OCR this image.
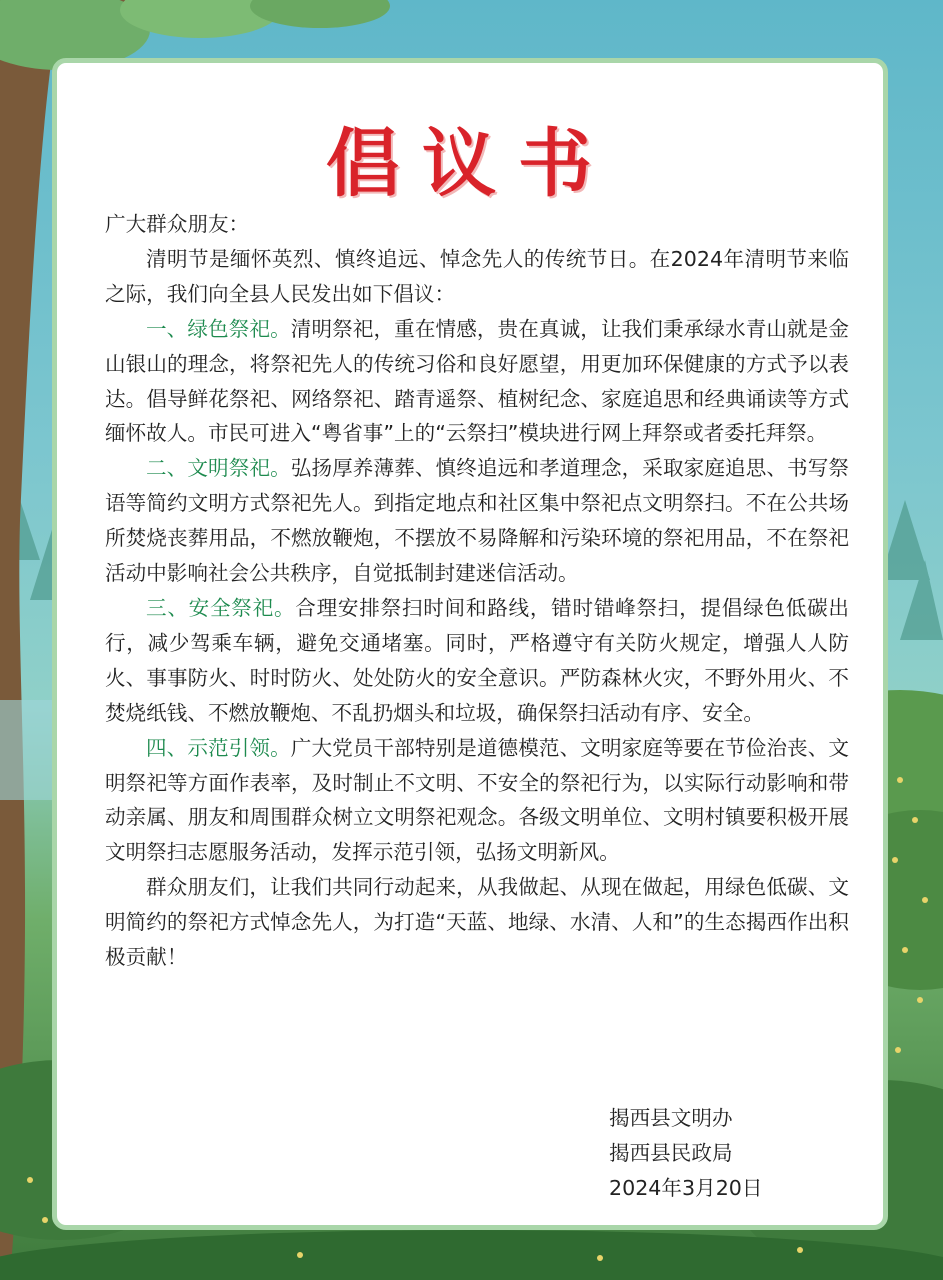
倡议书

广大群众朋友：

清明节是缅怀英烈、慎终追远、悼念先人的传统节日。在2024年清明节来临之际，我们向全县人民发出如下倡议：

一、绿色祭祀。清明祭祀，重在情感，贵在真诚，让我们秉承绿水青山就是金山银山的理念，将祭祀先人的传统习俗和良好愿望，用更加环保健康的方式予以表达。倡导鲜花祭祀、网络祭祀、踏青遥祭、植树纪念、家庭追思和经典诵读等方式缅怀故人。市民可进入“粤省事”上的“云祭扫”模块进行网上拜祭或者委托拜祭。

二、文明祭祀。弘扬厚养薄葬、慎终追远和孝道理念，采取家庭追思、书写祭语等简约文明方式祭祀先人。到指定地点和社区集中祭祀点文明祭扫。不在公共场所焚烧丧葬用品，不燃放鞭炮，不摆放不易降解和污染环境的祭祀用品，不在祭祀活动中影响社会公共秩序，自觉抵制封建迷信活动。

三、安全祭祀。合理安排祭扫时间和路线，错时错峰祭扫，提倡绿色低碳出行，减少驾乘车辆，避免交通堵塞。同时，严格遵守有关防火规定，增强人人防火、事事防火、时时防火、处处防火的安全意识。严防森林火灾，不野外用火、不焚烧纸钱、不燃放鞭炮、不乱扔烟头和垃圾，确保祭扫活动有序、安全。

四、示范引领。广大党员干部特别是道德模范、文明家庭等要在节俭治丧、文明祭祀等方面作表率，及时制止不文明、不安全的祭祀行为，以实际行动影响和带动亲属、朋友和周围群众树立文明祭祀观念。各级文明单位、文明村镇要积极开展文明祭扫志愿服务活动，发挥示范引领，弘扬文明新风。

群众朋友们，让我们共同行动起来，从我做起、从现在做起，用绿色低碳、文明简约的祭祀方式悼念先人，为打造“天蓝、地绿、水清、人和”的生态揭西作出积极贡献！

揭西县文明办
揭西县民政局
2024年3月20日
